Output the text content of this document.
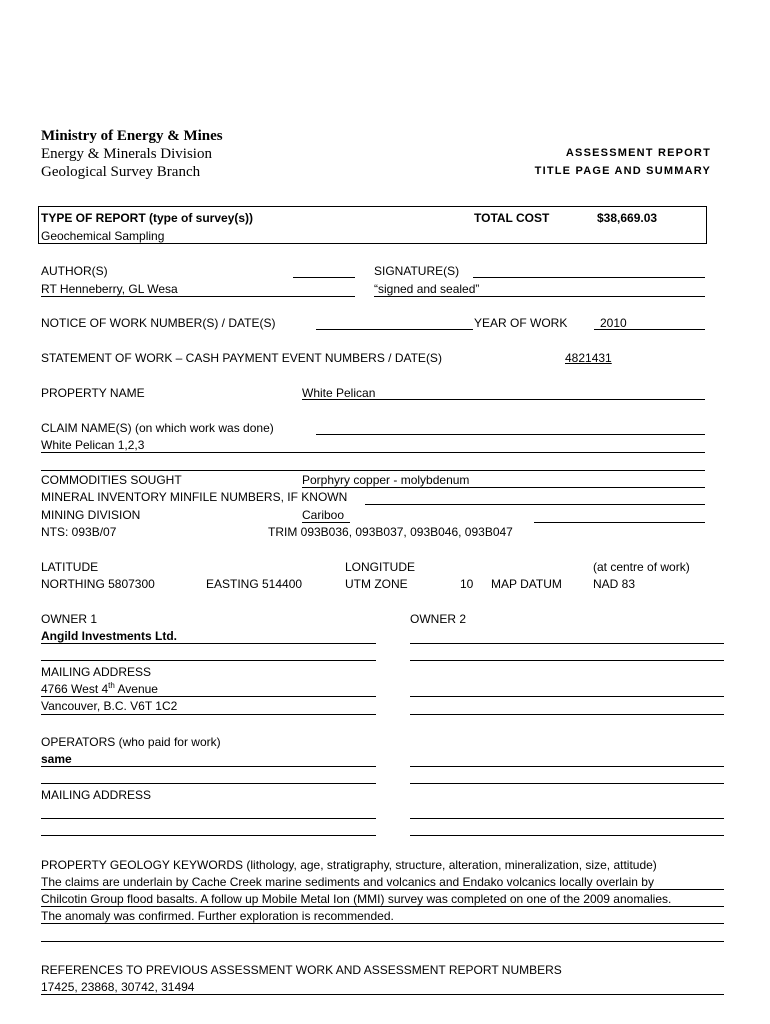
Ministry of Energy & Mines
Energy & Minerals Division
Geological Survey Branch
ASSESSMENT REPORT
TITLE PAGE AND SUMMARY
TYPE OF REPORT (type of survey(s))
Geochemical Sampling
TOTAL COST	$38,669.03
AUTHOR(S)
RT Henneberry, GL Wesa
SIGNATURE(S)
“signed and sealed”
NOTICE OF WORK NUMBER(S) / DATE(S)	YEAR OF WORK	2010
STATEMENT OF WORK – CASH PAYMENT EVENT NUMBERS / DATE(S)	4821431
PROPERTY NAME	White Pelican
CLAIM NAME(S) (on which work was done)
White Pelican 1,2,3
COMMODITIES SOUGHT	Porphyry copper - molybdenum
MINERAL INVENTORY MINFILE NUMBERS, IF KNOWN
MINING DIVISION	Cariboo
NTS: 093B/07	TRIM 093B036, 093B037, 093B046, 093B047
LATITUDE	LONGITUDE	(at centre of work)
NORTHING 5807300	EASTING 514400	UTM ZONE	10 MAP DATUM	NAD 83
OWNER 1
Angild Investments Ltd.
OWNER 2
MAILING ADDRESS
4766 West 4th Avenue
Vancouver, B.C. V6T 1C2
OPERATORS (who paid for work)
same
MAILING ADDRESS
PROPERTY GEOLOGY KEYWORDS (lithology, age, stratigraphy, structure, alteration, mineralization, size, attitude)
The claims are underlain by Cache Creek marine sediments and volcanics and Endako volcanics locally overlain by
Chilcotin Group flood basalts. A follow up Mobile Metal Ion (MMI) survey was completed on one of the 2009 anomalies.
The anomaly was confirmed. Further exploration is recommended.
REFERENCES TO PREVIOUS ASSESSMENT WORK AND ASSESSMENT REPORT NUMBERS
17425, 23868, 30742, 31494
